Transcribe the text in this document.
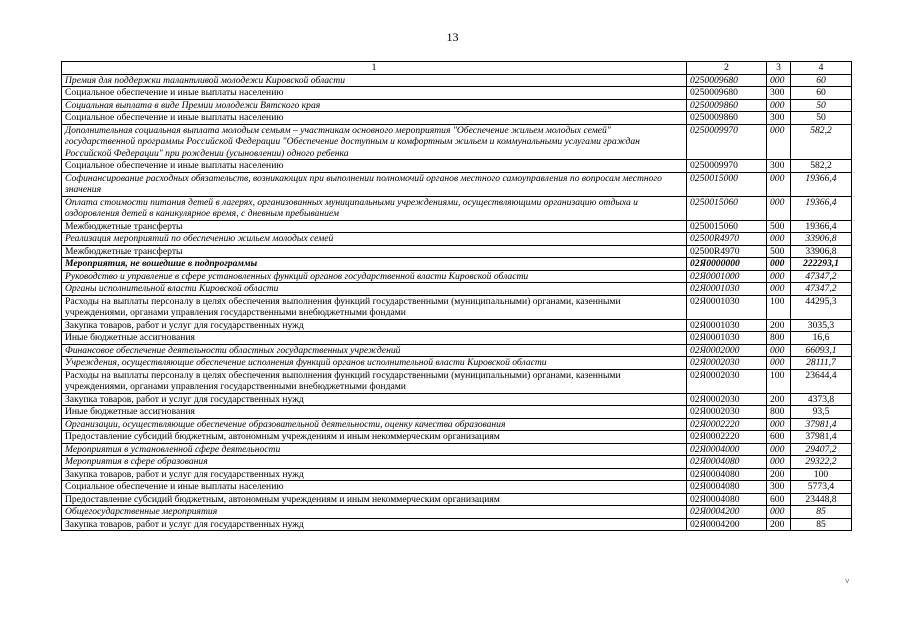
13
1	2	3	4
Премия для поддержки талантливой молодежи Кировской области	0250009680	000	60
Социальное обеспечение и иные выплаты населению	0250009680	300	60
Социальная выплата в виде Премии молодежи Вятского края	0250009860	000	50
Социальное обеспечение и иные выплаты населению	0250009860	300	50
Дополнительная социальная выплата молодым семьям – участникам основного мероприятия "Обеспечение жильем молодых семей" государственной программы Российской Федерации "Обеспечение доступным и комфортным жильем и коммунальными услугами граждан Российской Федерации" при рождении (усыновлении) одного ребенка	0250009970	000	582,2
Социальное обеспечение и иные выплаты населению	0250009970	300	582,2
Софинансирование расходных обязательств, возникающих при выполнении полномочий органов местного самоуправления по вопросам местного значения	0250015000	000	19366,4
Оплата стоимости питания детей в лагерях, организованных муниципальными учреждениями, осуществляющими организацию отдыха и оздоровления детей в каникулярное время, с дневным пребыванием	0250015060	000	19366,4
Межбюджетные трансферты	0250015060	500	19366,4
Реализация мероприятий по обеспечению жильем молодых семей	02500R4970	000	33906,8
Межбюджетные трансферты	02500R4970	500	33906,8
Мероприятия, не вошедшие в подпрограммы	02Я0000000	000	222293,1
Руководство и управление в сфере установленных функций органов государственной власти Кировской области	02Я0001000	000	47347,2
Органы исполнительной власти Кировской области	02Я0001030	000	47347,2
Расходы на выплаты персоналу в целях обеспечения выполнения функций государственными (муниципальными) органами, казенными учреждениями, органами управления государственными внебюджетными фондами	02Я0001030	100	44295,3
Закупка товаров, работ и услуг для государственных нужд	02Я0001030	200	3035,3
Иные бюджетные ассигнования	02Я0001030	800	16,6
Финансовое обеспечение деятельности областных государственных учреждений	02Я0002000	000	66093,1
Учреждения, осуществляющие обеспечение исполнения функций органов исполнительной власти Кировской области	02Я0002030	000	28111,7
Расходы на выплаты персоналу в целях обеспечения выполнения функций государственными (муниципальными) органами, казенными учреждениями, органами управления государственными внебюджетными фондами	02Я0002030	100	23644,4
Закупка товаров, работ и услуг для государственных нужд	02Я0002030	200	4373,8
Иные бюджетные ассигнования	02Я0002030	800	93,5
Организации, осуществляющие обеспечение образовательной деятельности, оценку качества образования	02Я0002220	000	37981,4
Предоставление субсидий бюджетным, автономным учреждениям и иным некоммерческим организациям	02Я0002220	600	37981,4
Мероприятия в установленной сфере деятельности	02Я0004000	000	29407,2
Мероприятия в сфере образования	02Я0004080	000	29322,2
Закупка товаров, работ и услуг для государственных нужд	02Я0004080	200	100
Социальное обеспечение и иные выплаты населению	02Я0004080	300	5773,4
Предоставление субсидий бюджетным, автономным учреждениям и иным некоммерческим организациям	02Я0004080	600	23448,8
Общегосударственные мероприятия	02Я0004200	000	85
Закупка товаров, работ и услуг для государственных нужд	02Я0004200	200	85
˅
